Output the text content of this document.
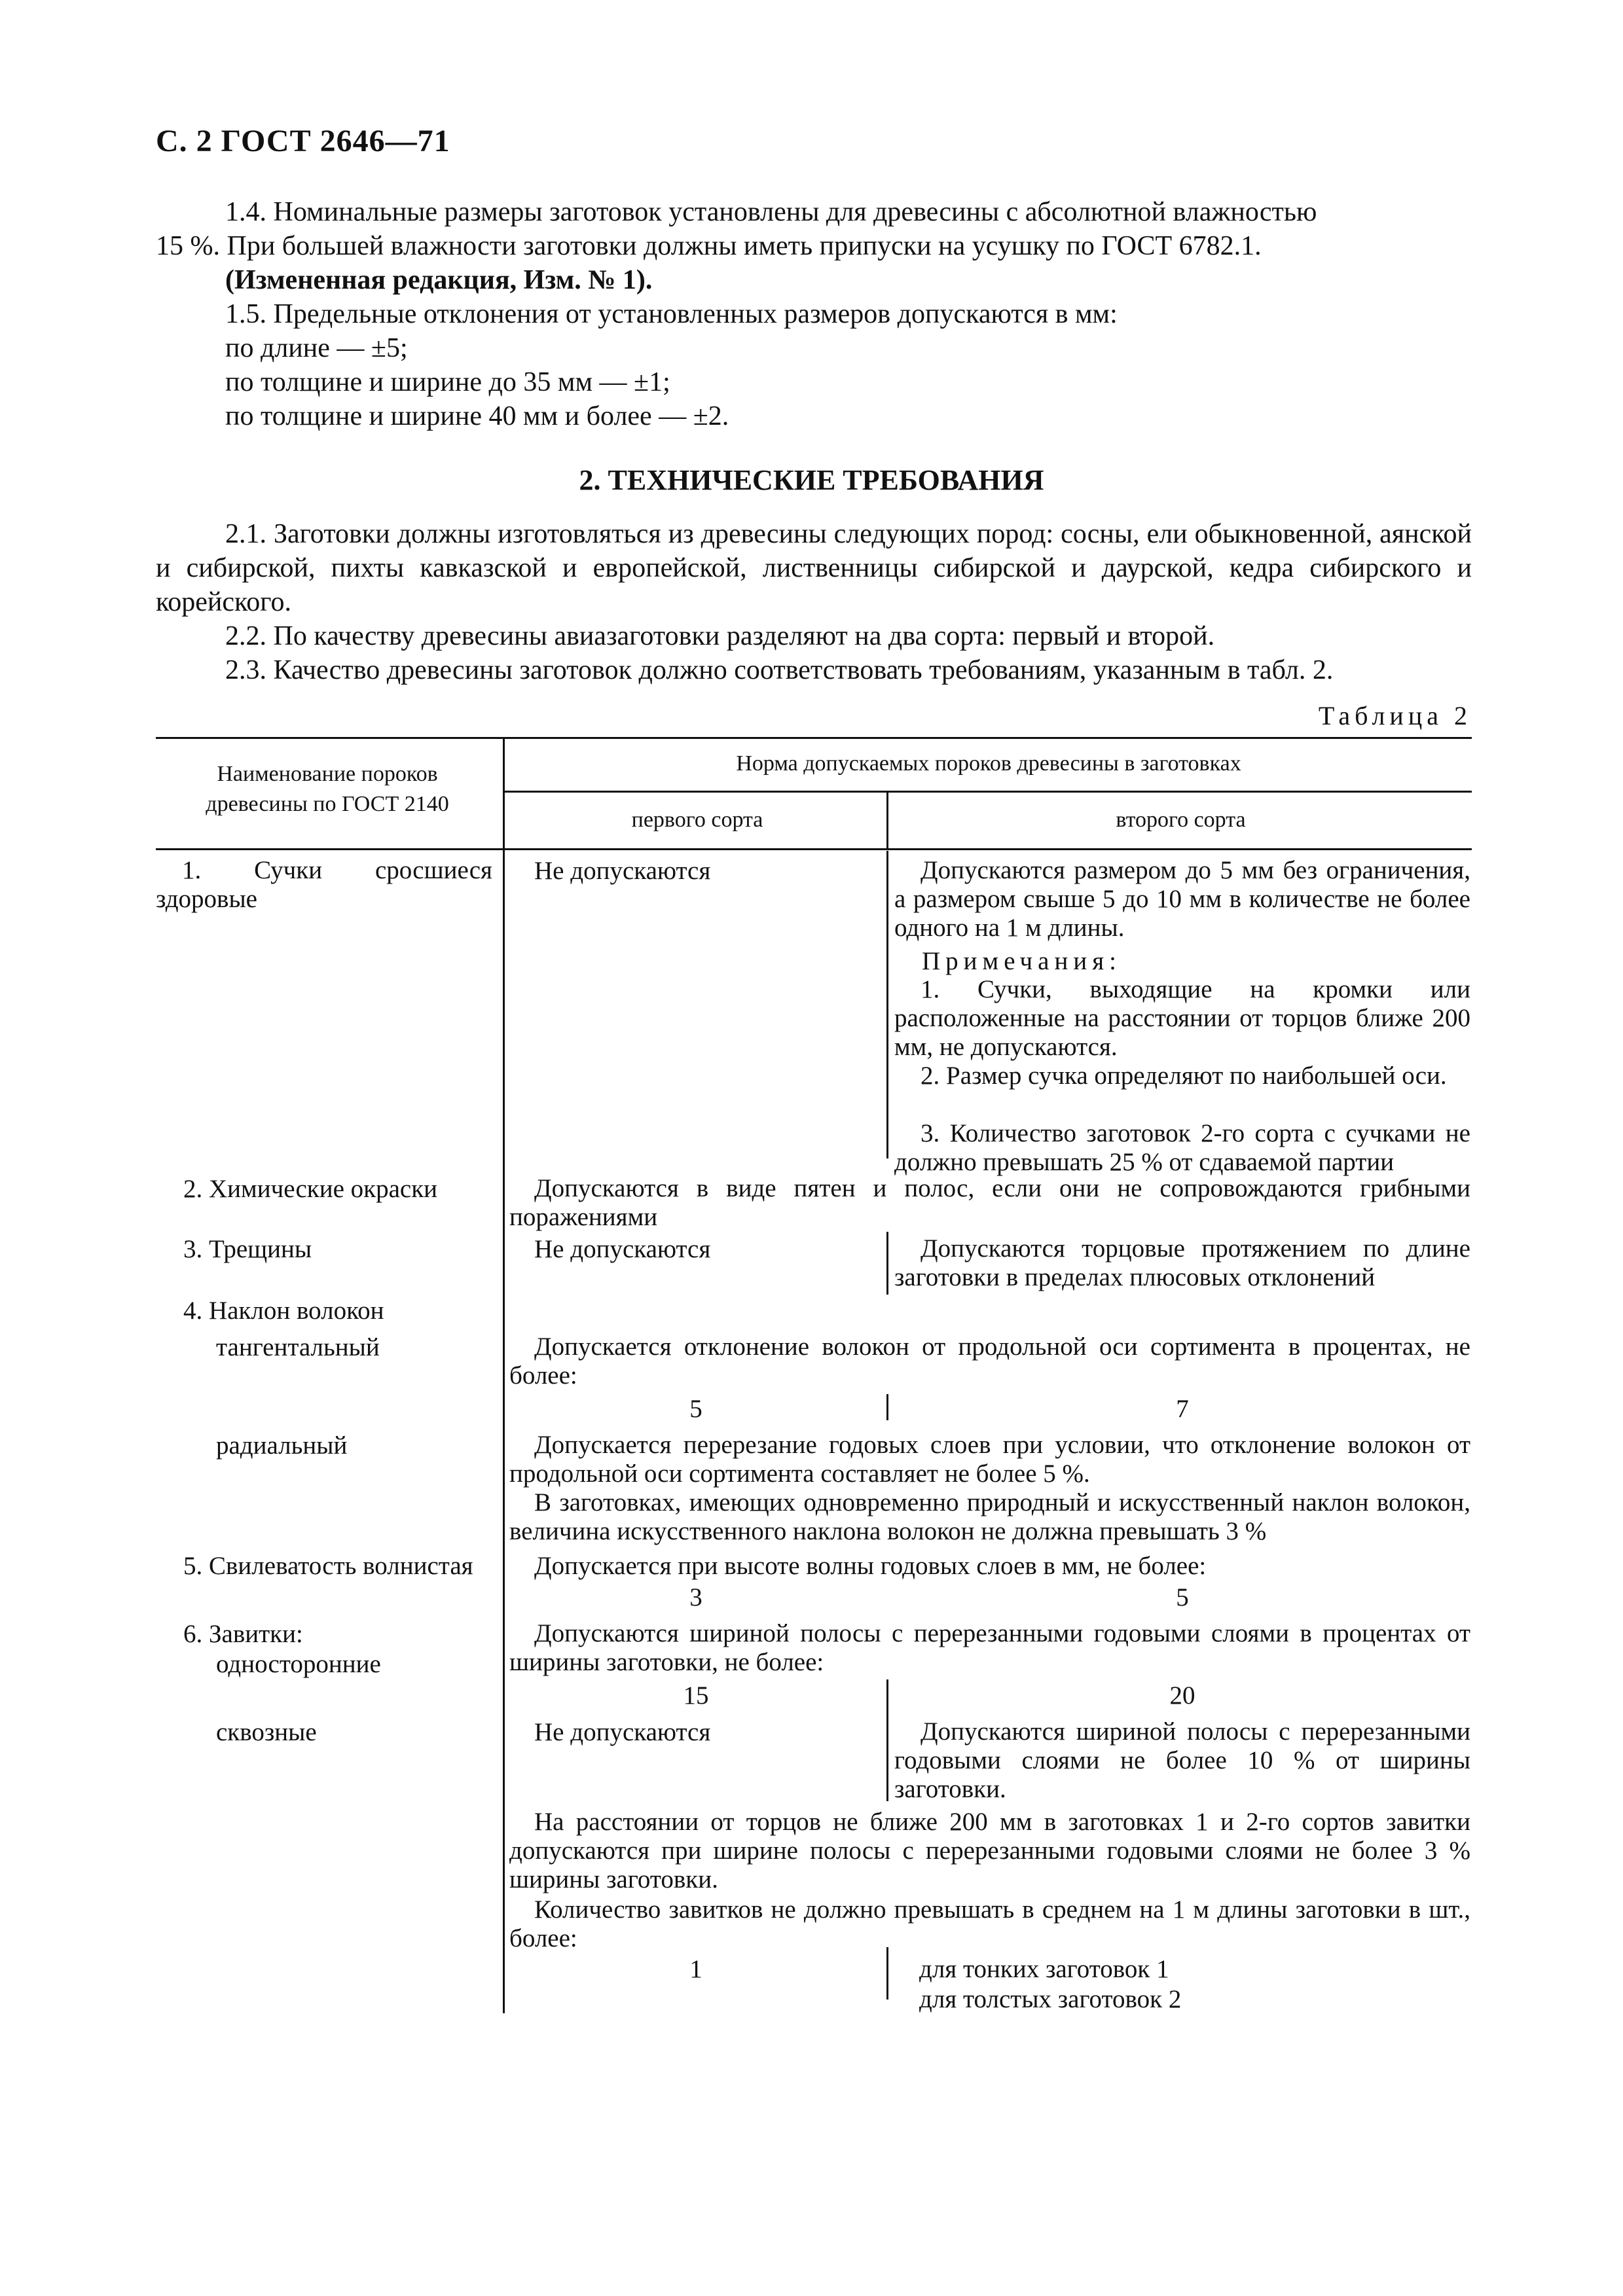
С. 2 ГОСТ 2646—71
1.4. Номинальные размеры заготовок установлены для древесины с абсолютной влажностью
15 %. При большей влажности заготовки должны иметь припуски на усушку по ГОСТ 6782.1.
(Измененная редакция, Изм. № 1).
1.5. Предельные отклонения от установленных размеров допускаются в мм:
по длине — ±5;
по толщине и ширине до 35 мм — ±1;
по толщине и ширине 40 мм и более — ±2.
2. ТЕХНИЧЕСКИЕ ТРЕБОВАНИЯ
2.1. Заготовки должны изготовляться из древесины следующих пород: сосны, ели обыкновенной, аянской и сибирской, пихты кавказской и европейской, лиственницы сибирской и даурской, кедра сибирского и корейского.
2.2. По качеству древесины авиазаготовки разделяют на два сорта: первый и второй.
2.3. Качество древесины заготовок должно соответствовать требованиям, указанным в табл. 2.
Таблица 2
Наименование пороков древесины по ГОСТ 2140
Норма допускаемых пороков древесины в заготовках
первого сорта	второго сорта
1. Сучки сросшиеся здоровые
Не допускаются	Допускаются размером до 5 мм без ограничения, а размером свыше 5 до 10 мм в количестве не более одного на 1 м длины.
Примечания:
1. Сучки, выходящие на кромки или расположенные на расстоянии от торцов ближе 200 мм, не допускаются.
2. Размер сучка определяют по наибольшей оси.
3. Количество заготовок 2-го сорта с сучками не должно превышать 25 % от сдаваемой партии
2. Химические окраски	Допускаются в виде пятен и полос, если они не сопровождаются грибными поражениями
3. Трещины	Не допускаются	Допускаются торцовые протяжением по длине заготовки в пределах плюсовых отклонений
4. Наклон волокон
тангентальный	Допускается отклонение волокон от продольной оси сортимента в процентах, не более:
5	7
радиальный	Допускается перерезание годовых слоев при условии, что отклонение волокон от продольной оси сортимента составляет не более 5 %.
В заготовках, имеющих одновременно природный и искусственный наклон волокон, величина искусственного наклона волокон не должна превышать 3 %
5. Свилеватость волнистая Допускается при высоте волны годовых слоев в мм, не более:
3	5
6. Завитки:
односторонние
Допускаются шириной полосы с перерезанными годовыми слоями в процентах от ширины заготовки, не более:
15	20
сквозные	Не допускаются	Допускаются шириной полосы с перерезанными годовыми слоями не более 10 % от ширины заготовки.
На расстоянии от торцов не ближе 200 мм в заготовках 1 и 2-го сортов завитки допускаются при ширине полосы с перерезанными годовыми слоями не более 3 % ширины заготовки.
Количество завитков не должно превышать в среднем на 1 м длины заготовки в шт., более:
1	для тонких заготовок 1
для толстых заготовок 2
